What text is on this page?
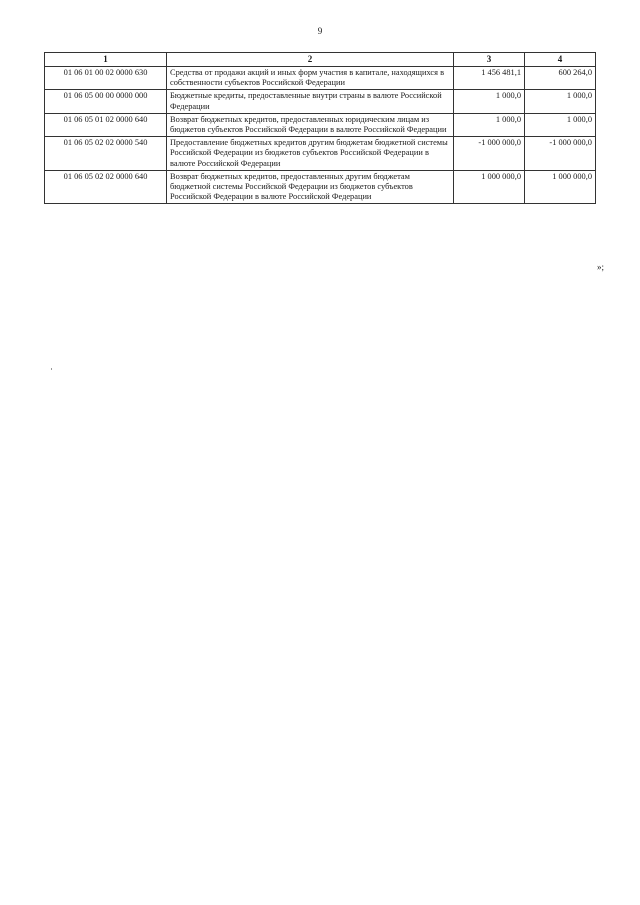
9
1	2	3	4
01 06 01 00 02 0000 630	Средства от продажи акций и иных форм участия в капитале, находящихся в собственности субъектов Российской Федерации	1 456 481,1	600 264,0
01 06 05 00 00 0000 000	Бюджетные кредиты, предоставленные внутри страны в валюте Российской Федерации	1 000,0	1 000,0
01 06 05 01 02 0000 640	Возврат бюджетных кредитов, предоставленных юридическим лицам из бюджетов субъектов Российской Федерации в валюте Российской Федерации	1 000,0	1 000,0
01 06 05 02 02 0000 540	Предоставление бюджетных кредитов другим бюджетам бюджетной системы Российской Федерации из бюджетов субъектов Российской Федерации в валюте Российской Федерации	-1 000 000,0	-1 000 000,0
01 06 05 02 02 0000 640	Возврат бюджетных кредитов, предоставленных другим бюджетам бюджетной системы Российской Федерации из бюджетов субъектов Российской Федерации в валюте Российской Федерации	1 000 000,0	1 000 000,0
»;
